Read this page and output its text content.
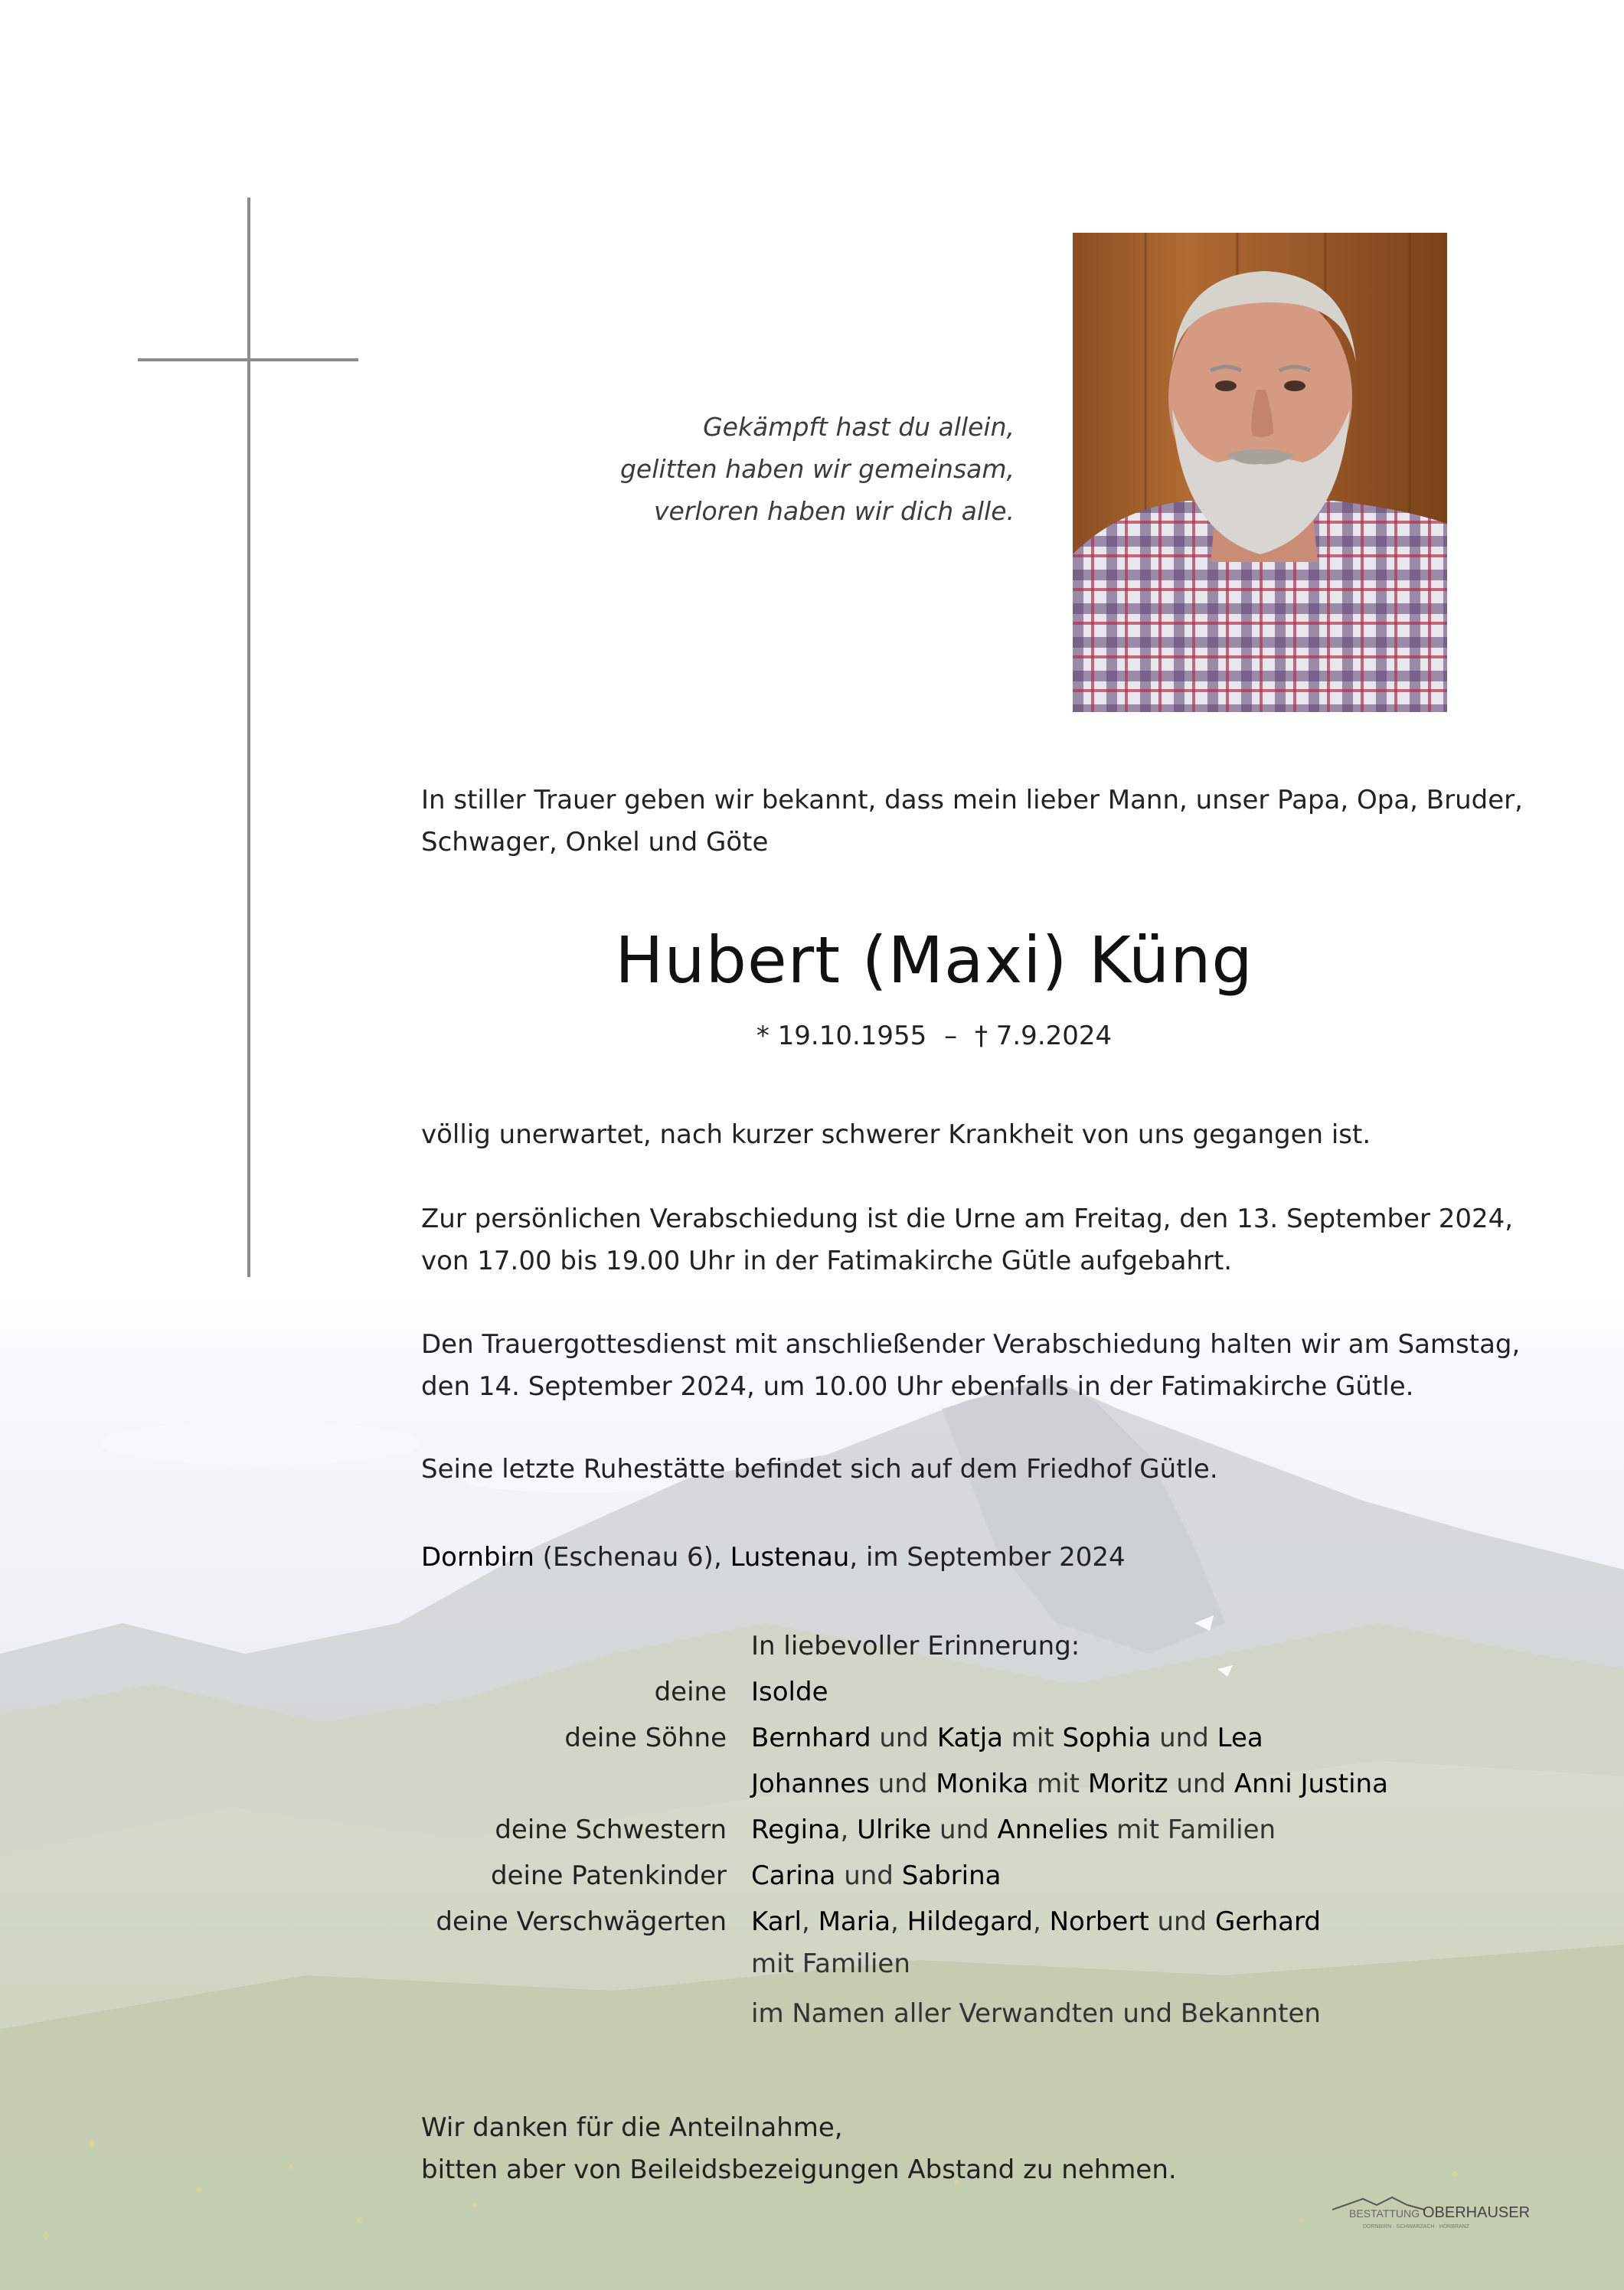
Gekämpft hast du allein,
gelitten haben wir gemeinsam,
verloren haben wir dich alle.
In stiller Trauer geben wir bekannt, dass mein lieber Mann, unser Papa, Opa, Bruder,
Schwager, Onkel und Göte
Hubert (Maxi) Küng
* 19.10.1955 – † 7.9.2024
völlig unerwartet, nach kurzer schwerer Krankheit von uns gegangen ist.
Zur persönlichen Verabschiedung ist die Urne am Freitag, den 13. September 2024,
von 17.00 bis 19.00 Uhr in der Fatimakirche Gütle aufgebahrt.
Den Trauergottesdienst mit anschließender Verabschiedung halten wir am Samstag,
den 14. September 2024, um 10.00 Uhr ebenfalls in der Fatimakirche Gütle.
Seine letzte Ruhestätte befindet sich auf dem Friedhof Gütle.
Dornbirn (Eschenau 6), Lustenau, im September 2024
In liebevoller Erinnerung:
deine Isolde
deine Söhne Bernhard und Katja mit Sophia und Lea
Johannes und Monika mit Moritz und Anni Justina
deine Schwestern Regina, Ulrike und Annelies mit Familien
deine Patenkinder Carina und Sabrina
deine Verschwägerten Karl, Maria, Hildegard, Norbert und Gerhard
mit Familien
im Namen aller Verwandten und Bekannten
Wir danken für die Anteilnahme,
bitten aber von Beileidsbezeigungen Abstand zu nehmen.
BESTATTUNG OBERHAUSER
DORNBIRN · SCHWARZACH · HÖRBRANZ
